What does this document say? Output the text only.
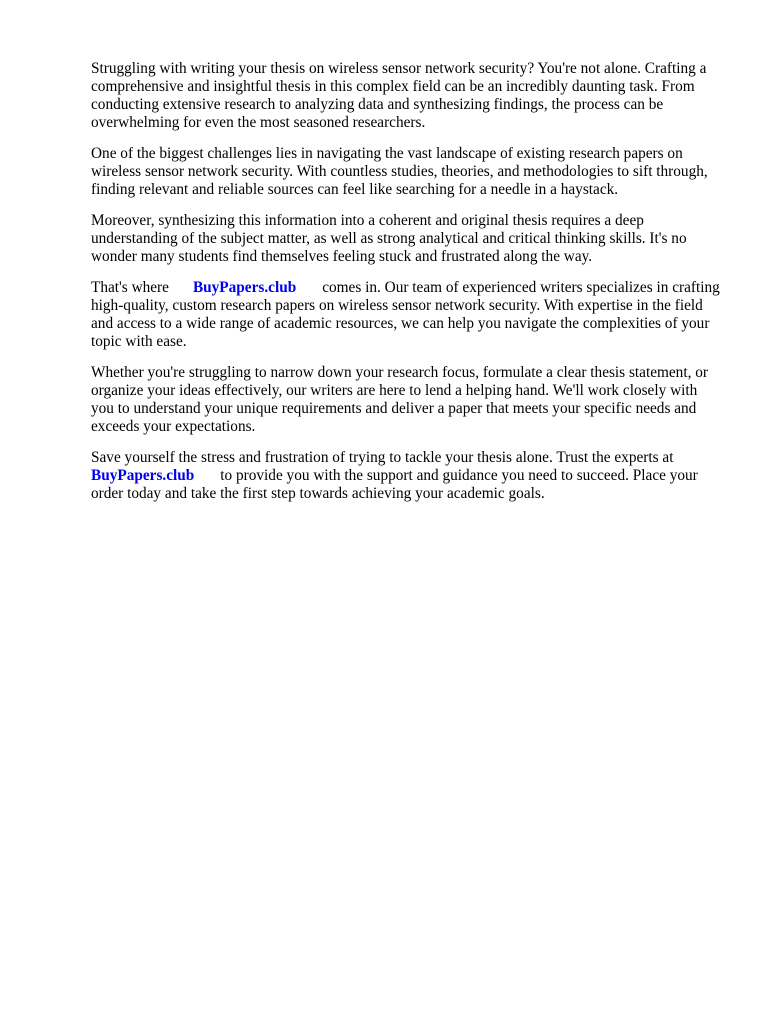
Struggling with writing your thesis on wireless sensor network security? You're not alone. Crafting a comprehensive and insightful thesis in this complex field can be an incredibly daunting task. From conducting extensive research to analyzing data and synthesizing findings, the process can be overwhelming for even the most seasoned researchers.

One of the biggest challenges lies in navigating the vast landscape of existing research papers on wireless sensor network security. With countless studies, theories, and methodologies to sift through, finding relevant and reliable sources can feel like searching for a needle in a haystack.

Moreover, synthesizing this information into a coherent and original thesis requires a deep understanding of the subject matter, as well as strong analytical and critical thinking skills. It's no wonder many students find themselves feeling stuck and frustrated along the way.

That's where BuyPapers.club comes in. Our team of experienced writers specializes in crafting high-quality, custom research papers on wireless sensor network security. With expertise in the field and access to a wide range of academic resources, we can help you navigate the complexities of your topic with ease.

Whether you're struggling to narrow down your research focus, formulate a clear thesis statement, or organize your ideas effectively, our writers are here to lend a helping hand. We'll work closely with you to understand your unique requirements and deliver a paper that meets your specific needs and exceeds your expectations.

Save yourself the stress and frustration of trying to tackle your thesis alone. Trust the experts at BuyPapers.club to provide you with the support and guidance you need to succeed. Place your order today and take the first step towards achieving your academic goals.
